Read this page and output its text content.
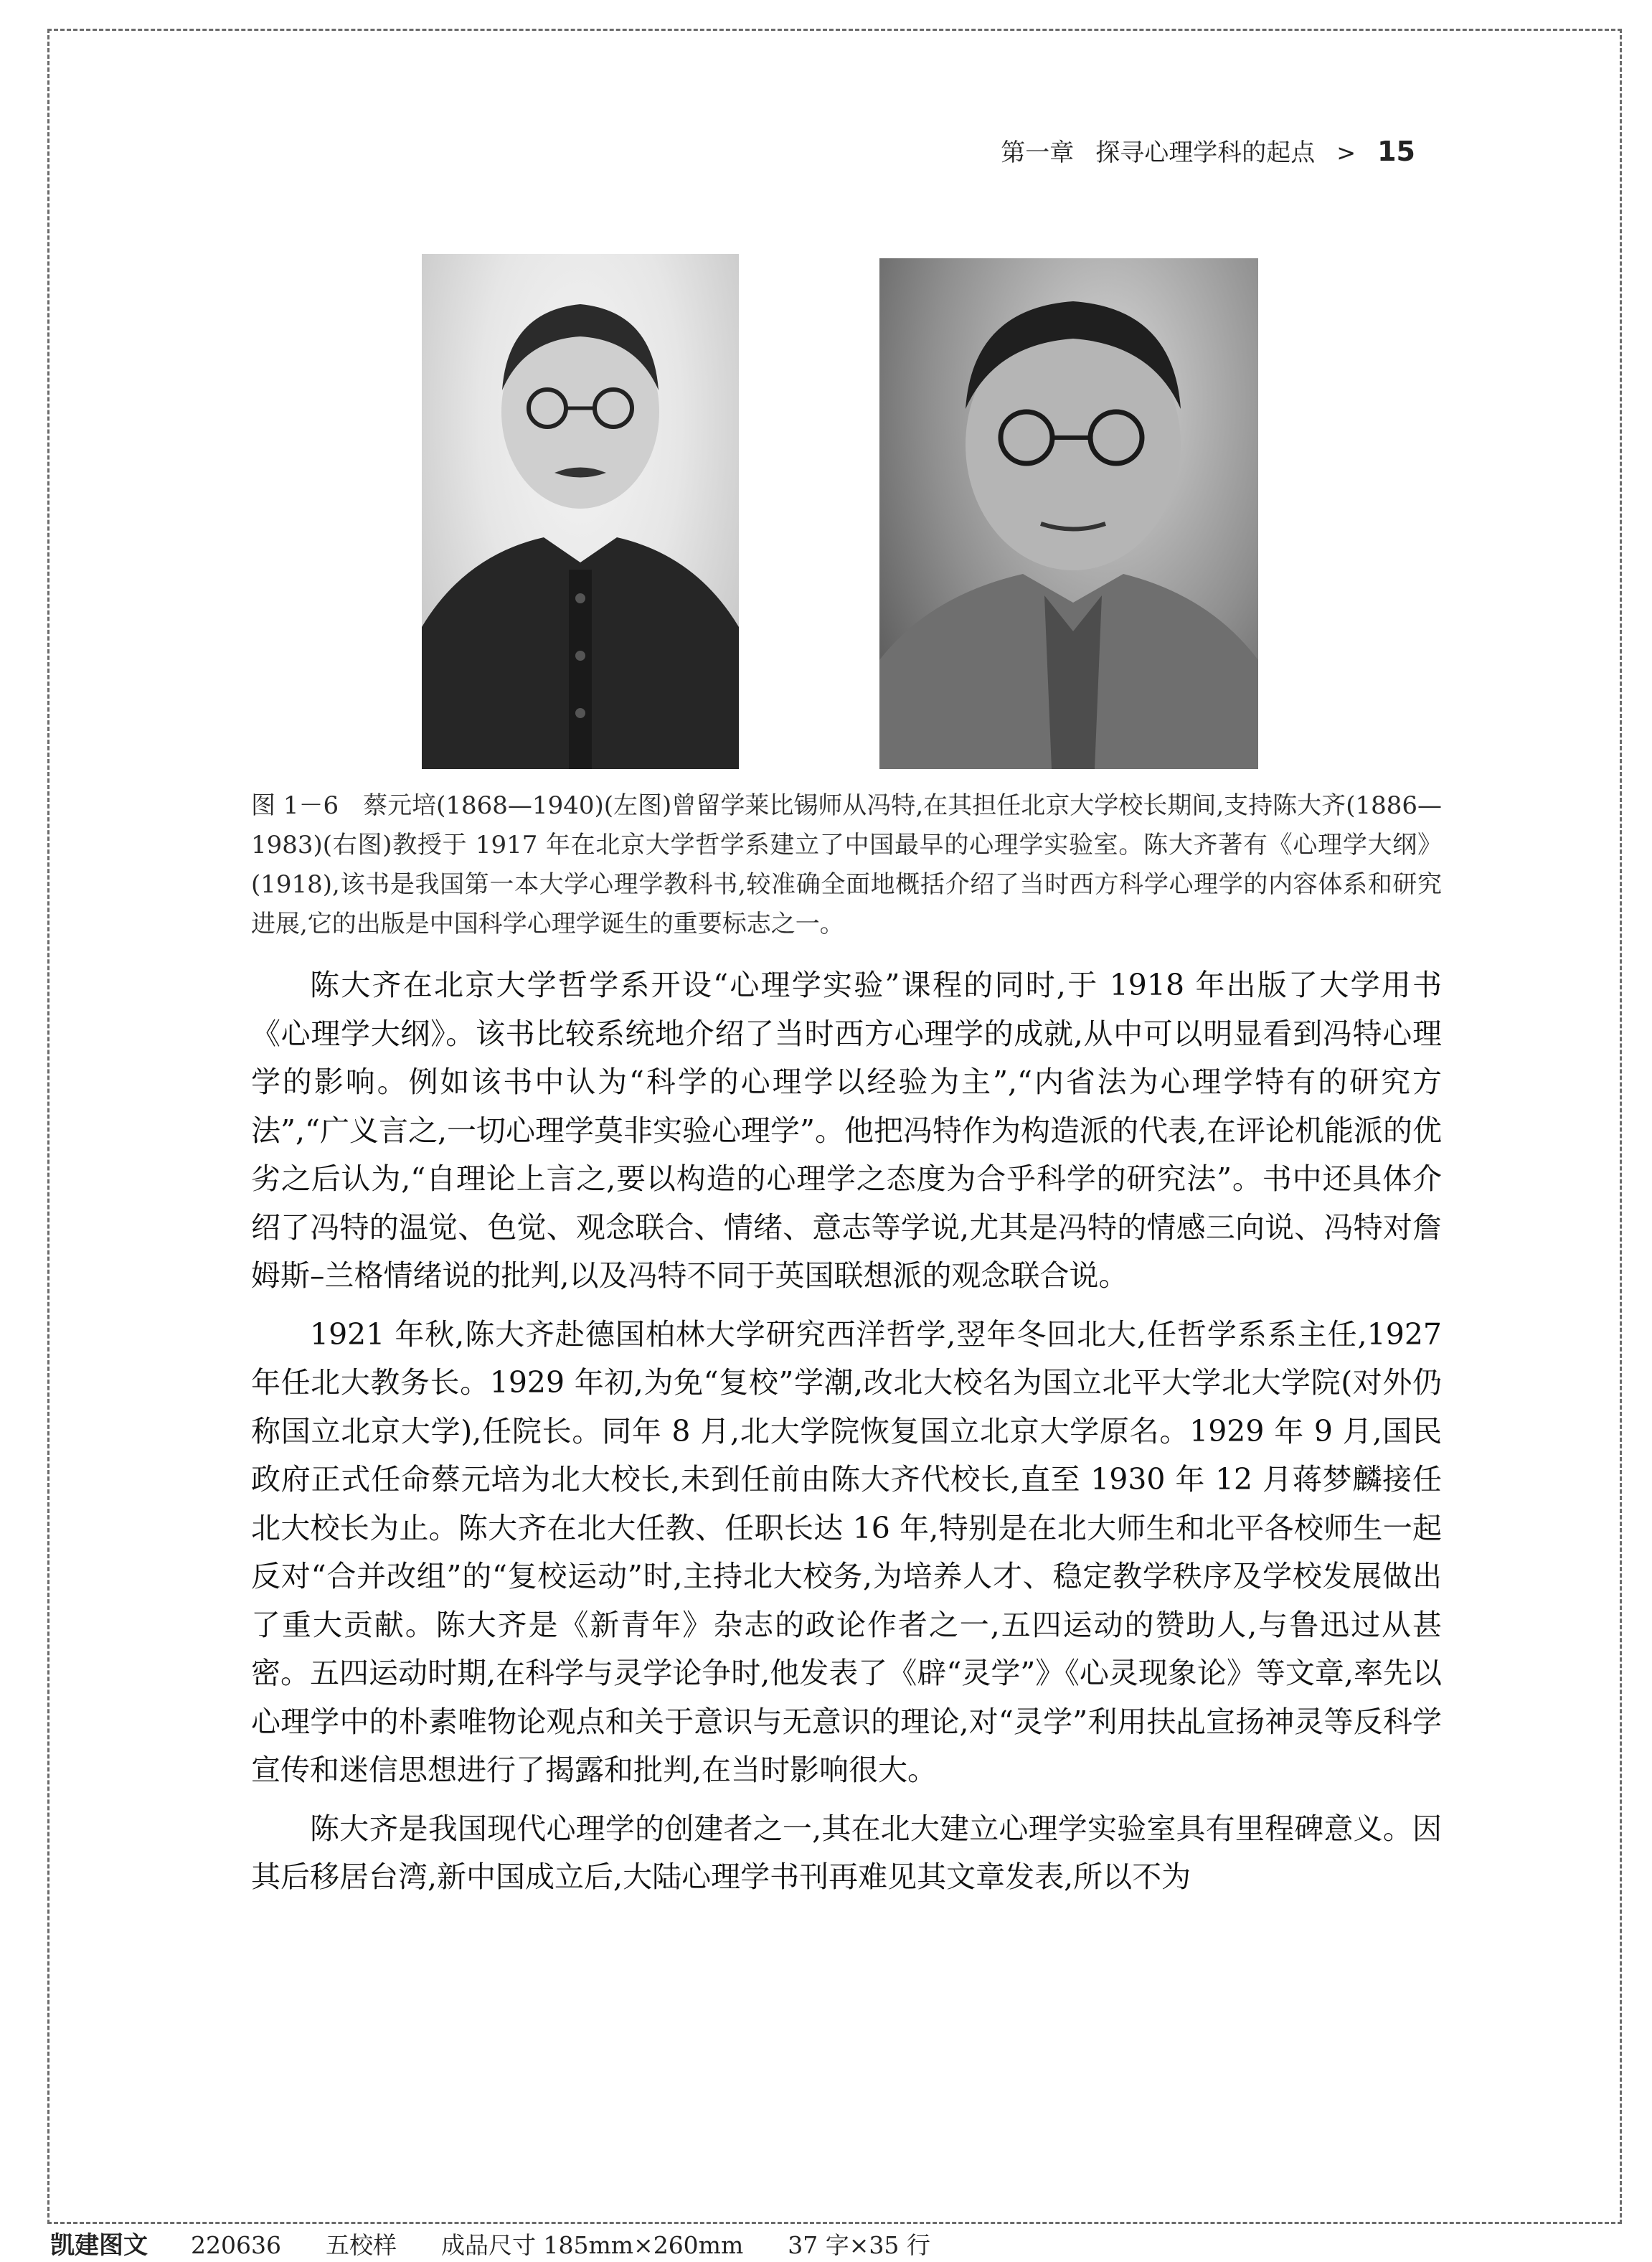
第一章 探寻心理学科的起点 > 15
图 1－6　蔡元培(1868—1940)(左图)曾留学莱比锡师从冯特,在其担任北京大学校长期间,支持陈大齐(1886—1983)(右图)教授于 1917 年在北京大学哲学系建立了中国最早的心理学实验室。陈大齐著有《心理学大纲》(1918),该书是我国第一本大学心理学教科书,较准确全面地概括介绍了当时西方科学心理学的内容体系和研究进展,它的出版是中国科学心理学诞生的重要标志之一。

陈大齐在北京大学哲学系开设“心理学实验”课程的同时,于 1918 年出版了大学用书《心理学大纲》。该书比较系统地介绍了当时西方心理学的成就,从中可以明显看到冯特心理学的影响。例如该书中认为“科学的心理学以经验为主”,“内省法为心理学特有的研究方法”,“广义言之,一切心理学莫非实验心理学”。他把冯特作为构造派的代表,在评论机能派的优劣之后认为,“自理论上言之,要以构造的心理学之态度为合乎科学的研究法”。书中还具体介绍了冯特的温觉、色觉、观念联合、情绪、意志等学说,尤其是冯特的情感三向说、冯特对詹姆斯–兰格情绪说的批判,以及冯特不同于英国联想派的观念联合说。

1921 年秋,陈大齐赴德国柏林大学研究西洋哲学,翌年冬回北大,任哲学系系主任,1927 年任北大教务长。1929 年初,为免“复校”学潮,改北大校名为国立北平大学北大学院(对外仍称国立北京大学),任院长。同年 8 月,北大学院恢复国立北京大学原名。1929 年 9 月,国民政府正式任命蔡元培为北大校长,未到任前由陈大齐代校长,直至 1930 年 12 月蒋梦麟接任北大校长为止。陈大齐在北大任教、任职长达 16 年,特别是在北大师生和北平各校师生一起反对“合并改组”的“复校运动”时,主持北大校务,为培养人才、稳定教学秩序及学校发展做出了重大贡献。陈大齐是《新青年》杂志的政论作者之一,五四运动的赞助人,与鲁迅过从甚密。五四运动时期,在科学与灵学论争时,他发表了《辟“灵学”》《心灵现象论》等文章,率先以心理学中的朴素唯物论观点和关于意识与无意识的理论,对“灵学”利用扶乩宣扬神灵等反科学宣传和迷信思想进行了揭露和批判,在当时影响很大。

陈大齐是我国现代心理学的创建者之一,其在北大建立心理学实验室具有里程碑意义。因其后移居台湾,新中国成立后,大陆心理学书刊再难见其文章发表,所以不为

凯建图文 220636 五校样 成品尺寸 185mm×260mm 37 字×35 行
